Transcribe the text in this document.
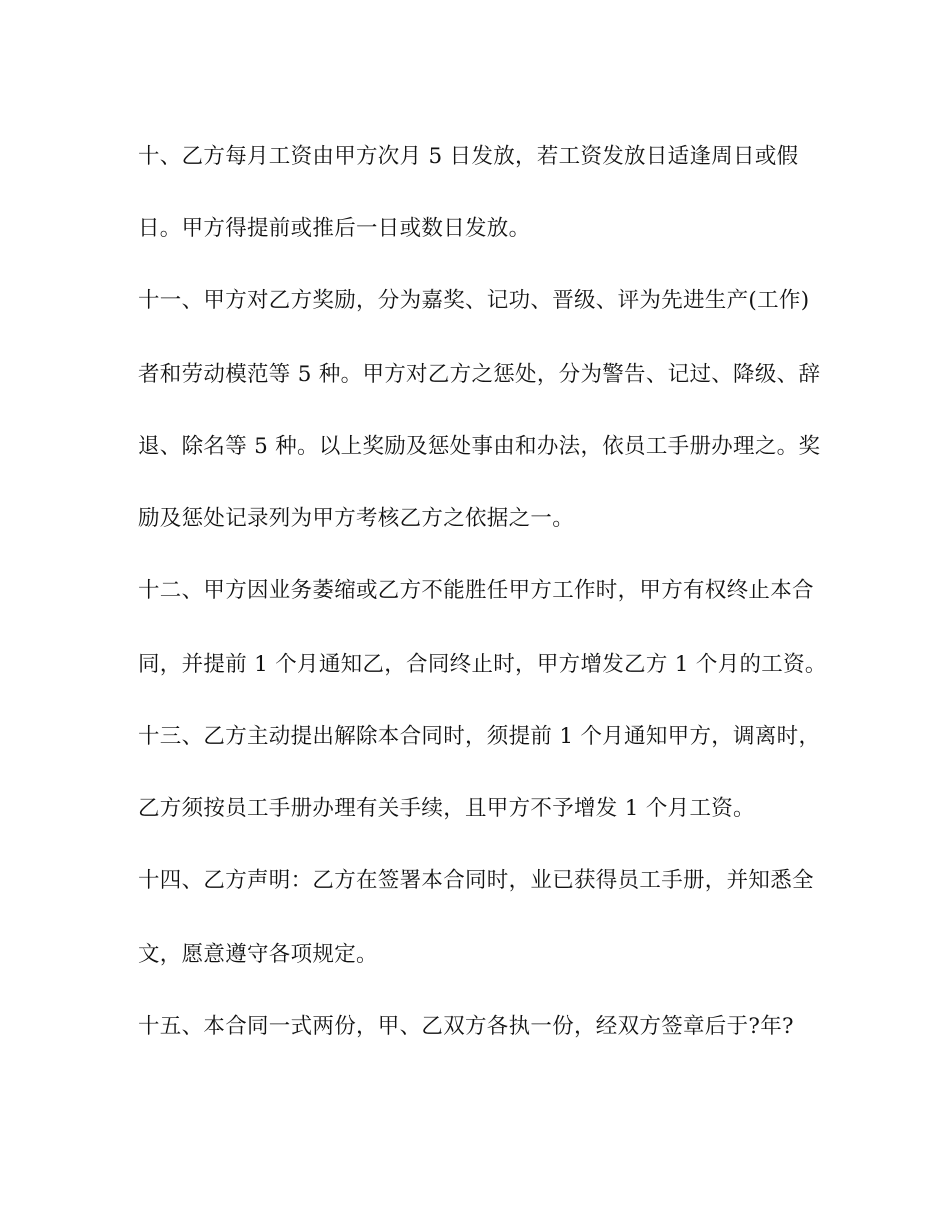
十、乙方每月工资由甲方次月 5 日发放，若工资发放日适逢周日或假
日。甲方得提前或推后一日或数日发放。
十一、甲方对乙方奖励，分为嘉奖、记功、晋级、评为先进生产(工作)
者和劳动模范等 5 种。甲方对乙方之惩处，分为警告、记过、降级、辞
退、除名等 5 种。以上奖励及惩处事由和办法，依员工手册办理之。奖
励及惩处记录列为甲方考核乙方之依据之一。
十二、甲方因业务萎缩或乙方不能胜任甲方工作时，甲方有权终止本合
同，并提前 1 个月通知乙，合同终止时，甲方增发乙方 1 个月的工资。
十三、乙方主动提出解除本合同时，须提前 1 个月通知甲方，调离时，
乙方须按员工手册办理有关手续，且甲方不予增发 1 个月工资。
十四、乙方声明：乙方在签署本合同时，业已获得员工手册，并知悉全
文，愿意遵守各项规定。
十五、本合同一式两份，甲、乙双方各执一份，经双方签章后于?年?
